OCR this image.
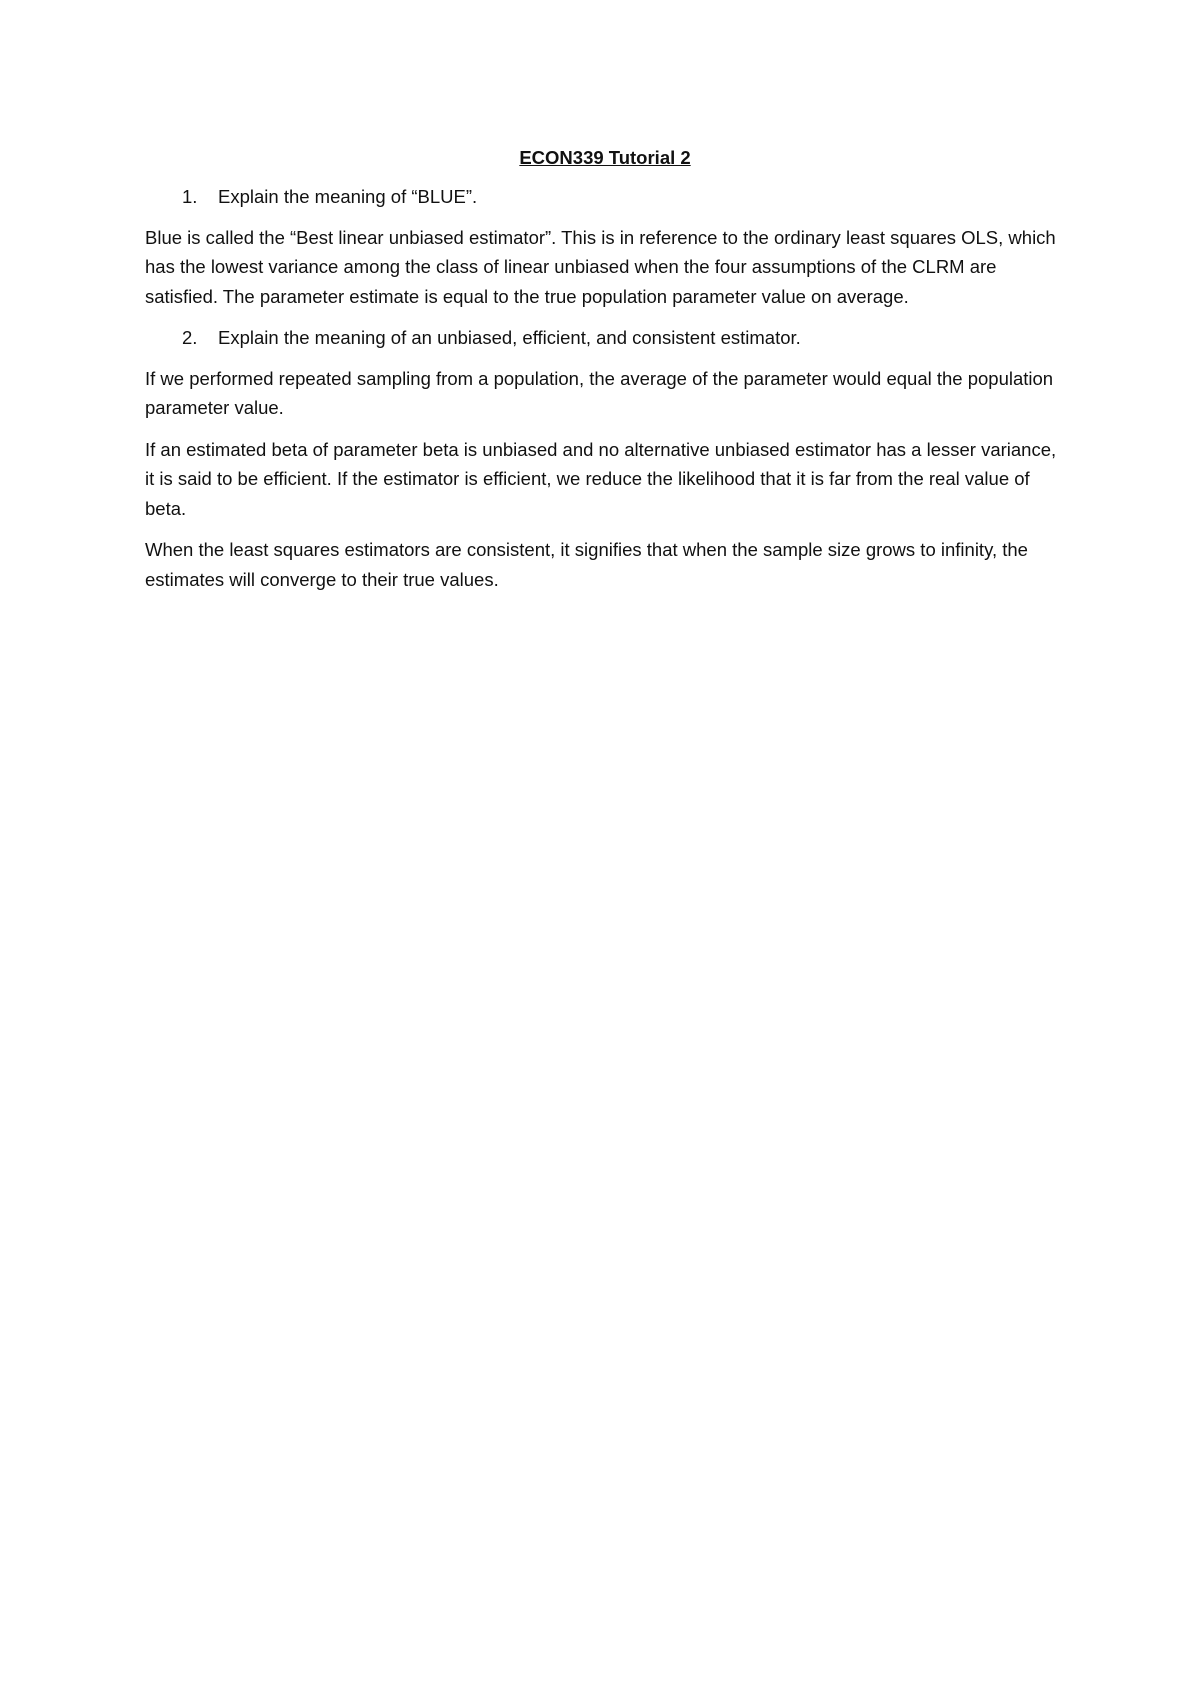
ECON339 Tutorial 2
1.	Explain the meaning of “BLUE”.

Blue is called the “Best linear unbiased estimator”. This is in reference to the ordinary least squares OLS, which has the lowest variance among the class of linear unbiased when the four assumptions of the CLRM are satisfied. The parameter estimate is equal to the true population parameter value on average.

2.	Explain the meaning of an unbiased, efficient, and consistent estimator.

If we performed repeated sampling from a population, the average of the parameter would equal the population parameter value.

If an estimated beta of parameter beta is unbiased and no alternative unbiased estimator has a lesser variance, it is said to be efficient. If the estimator is efficient, we reduce the likelihood that it is far from the real value of beta.

When the least squares estimators are consistent, it signifies that when the sample size grows to infinity, the estimates will converge to their true values.
